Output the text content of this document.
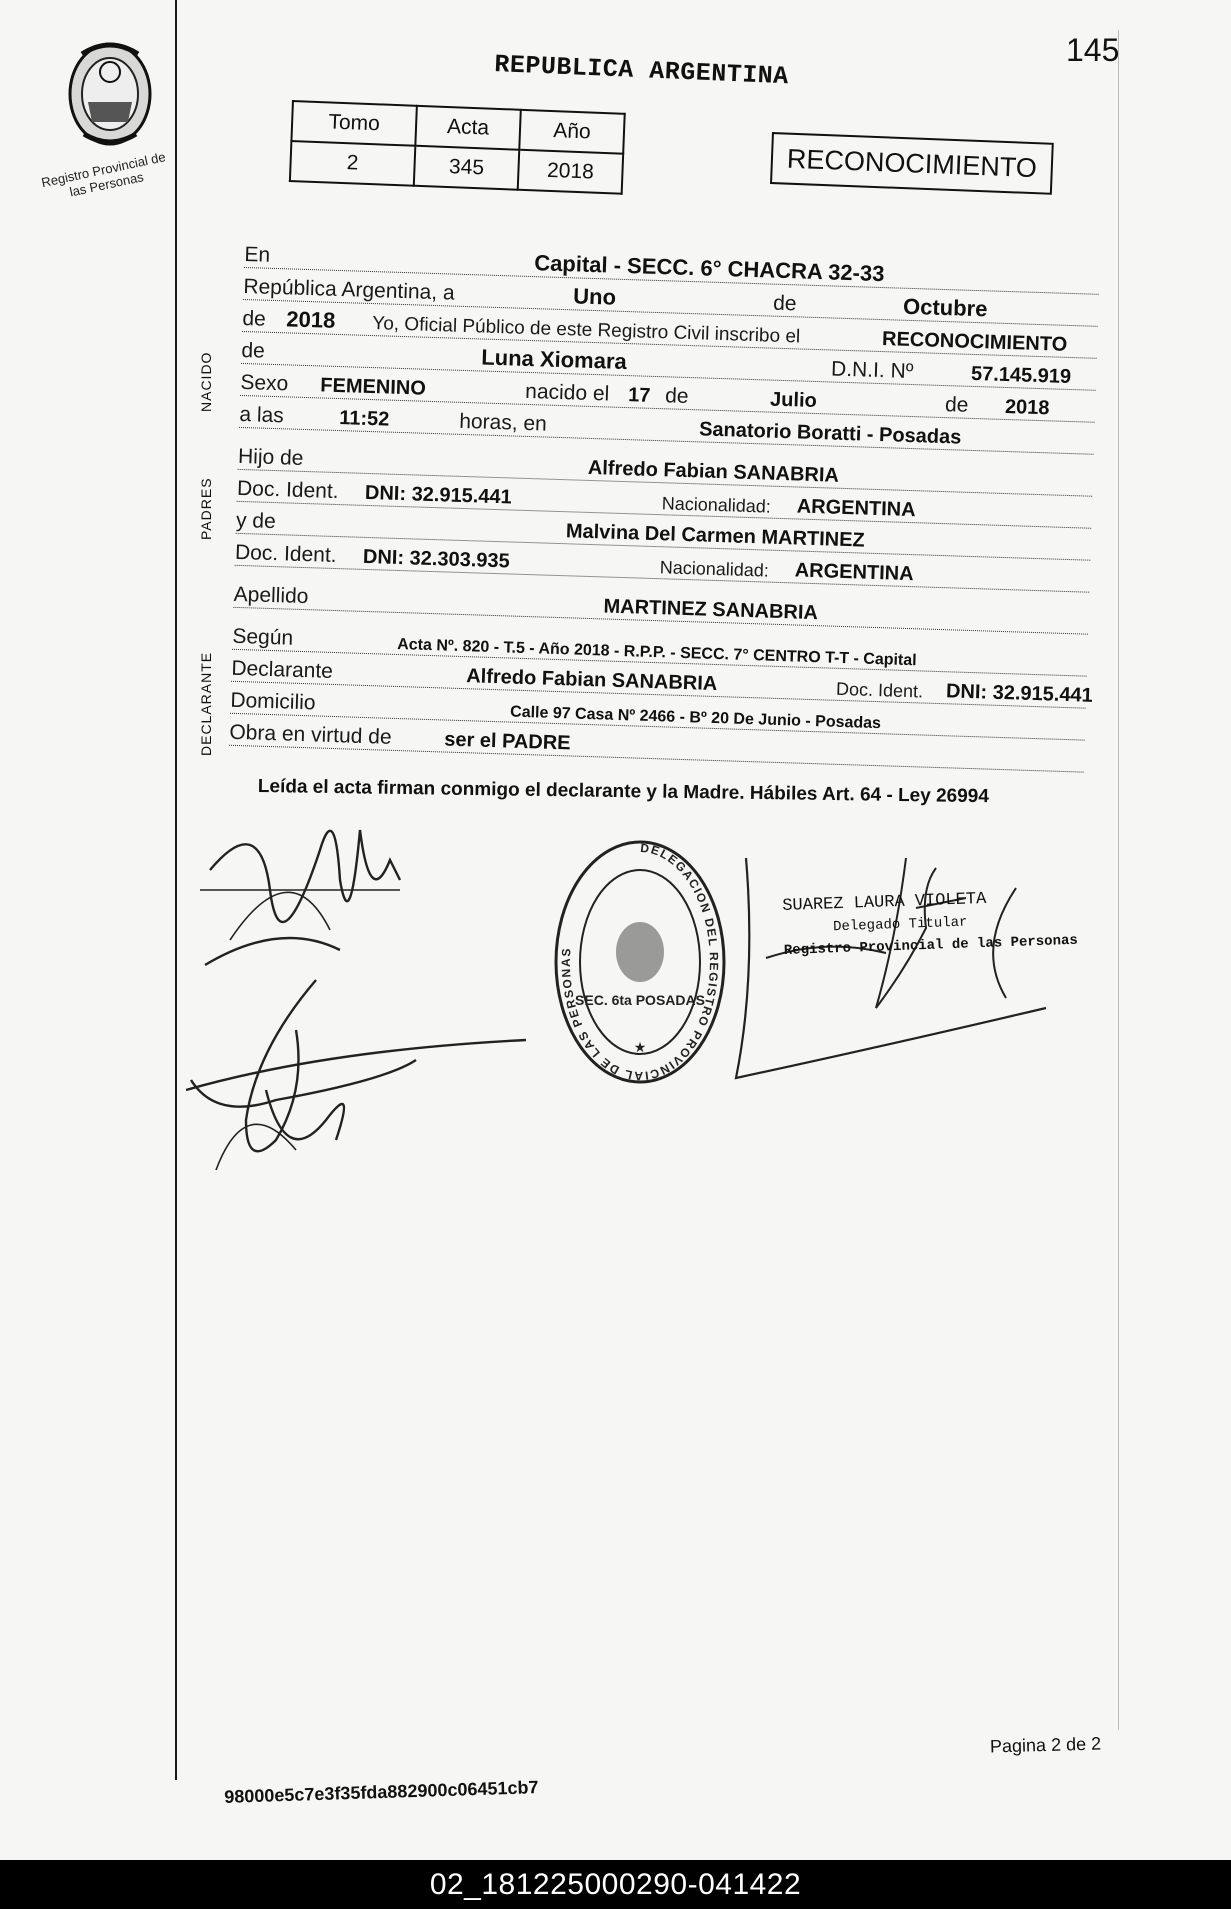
Registro Provincial de las Personas
REPUBLICA ARGENTINA	145
Tomo	Acta	Año
2	345	2018	RECONOCIMIENTO
NACIDO
PADRES
DECLARANTE
En	Capital - SECC. 6° CHACRA 32-33
República Argentina, a	Uno	de	Octubre
de 2018 Yo, Oficial Público de este Registro Civil inscribo el	RECONOCIMIENTO
de	Luna Xiomara	D.N.I. Nº	57.145.919
Sexo FEMENINO	nacido el 17 de	Julio	de 2018
a las	11:52	horas, en	Sanatorio Boratti - Posadas
Hijo de	Alfredo Fabian SANABRIA
Doc. Ident. DNI: 32.915.441	Nacionalidad: ARGENTINA
y de	Malvina Del Carmen MARTINEZ
Doc. Ident. DNI: 32.303.935	Nacionalidad: ARGENTINA
Apellido	MARTINEZ SANABRIA
Según	Acta Nº. 820 - T.5 - Año 2018 - R.P.P. - SECC. 7° CENTRO T-T - Capital
Declarante	Alfredo Fabian SANABRIA	Doc. Ident. DNI: 32.915.441
Domicilio
Calle 97 Casa Nº 2466 - Bº 20 De Junio - Posadas
Obra en virtud de	ser el PADRE
Leída el acta firman conmigo el declarante y la Madre. Hábiles Art. 64 - Ley 26994
DELEGACION DEL REGISTRO PROVINCIAL DE LAS PERSONAS
SEC. 6ta POSADAS
★
SUAREZ LAURA VIOLETA
Delegado Titular
Registro Provincial de las Personas
Pagina 2 de 2
98000e5c7e3f35fda882900c06451cb7
02_181225000290-041422
